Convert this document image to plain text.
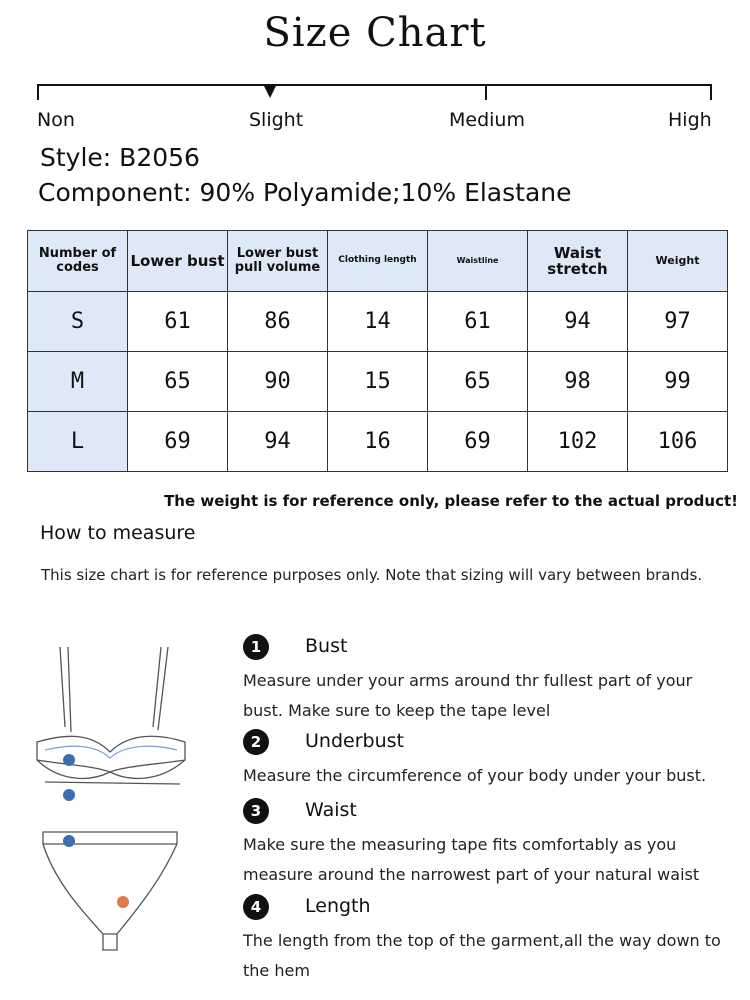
Size Chart
Non	Slight	Medium	High
Style: B2056
Component: 90% Polyamide;10% Elastane
Number of codes	Lower bust	Lower bust pull volume	Clothing length	Waistline	Waist stretch	Weight
S	61	86	14	61	94	97
M	65	90	15	65	98	99
L	69	94	16	69	102	106
The weight is for reference only, please refer to the actual product!
How to measure
This size chart is for reference purposes only. Note that sizing will vary between brands.
1	Bust
Measure under your arms around thr fullest part of your bust. Make sure to keep the tape level
2	Underbust
Measure the circumference of your body under your bust.
3	Waist
Make sure the measuring tape fits comfortably as you measure around the narrowest part of your natural waist
4	Length
The length from the top of the garment,all the way down to the hem
